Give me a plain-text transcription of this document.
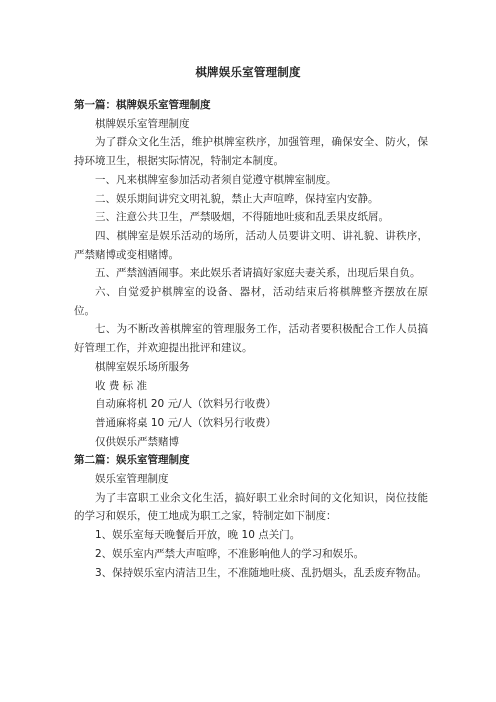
棋牌娱乐室管理制度

第一篇：棋牌娱乐室管理制度

棋牌娱乐室管理制度

为了群众文化生活，维护棋牌室秩序，加强管理，确保安全、防火，保持环境卫生，根据实际情况，特制定本制度。

一、凡来棋牌室参加活动者须自觉遵守棋牌室制度。

二、娱乐期间讲究文明礼貌，禁止大声喧哗，保持室内安静。

三、注意公共卫生，严禁吸烟，不得随地吐痰和乱丢果皮纸屑。

四、棋牌室是娱乐活动的场所，活动人员要讲文明、讲礼貌、讲秩序，严禁赌博或变相赌博。

五、严禁汹酒闹事。来此娱乐者请搞好家庭夫妻关系，出现后果自负。

六、自觉爱护棋牌室的设备、器材，活动结束后将棋牌整齐摆放在原位。

七、为不断改善棋牌室的管理服务工作，活动者要积极配合工作人员搞好管理工作，并欢迎提出批评和建议。

棋牌室娱乐场所服务

收 费 标 准

自动麻将机 20 元/人（饮料另行收费）

普通麻将桌 10 元/人（饮料另行收费）

仅供娱乐严禁赌博

第二篇：娱乐室管理制度

娱乐室管理制度

为了丰富职工业余文化生活，搞好职工业余时间的文化知识，岗位技能的学习和娱乐，使工地成为职工之家，特制定如下制度：

1、娱乐室每天晚餐后开放，晚 10 点关门。

2、娱乐室内严禁大声喧哗，不准影响他人的学习和娱乐。

3、保持娱乐室内清洁卫生，不准随地吐痰、乱扔烟头，乱丢废弃物品。
